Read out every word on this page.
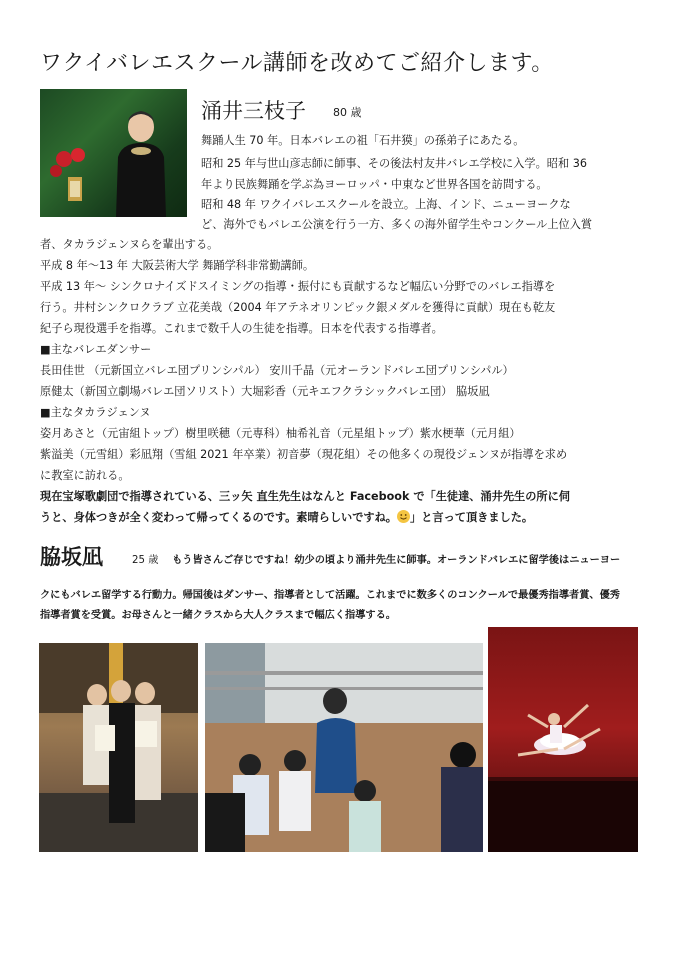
ワクイバレエスクール講師を改めてご紹介します。
涌井三枝子 80 歳
舞踊人生 70 年。日本バレエの祖「石井獏」の孫弟子にあたる。
昭和 25 年与世山彦志師に師事、その後法村友井バレエ学校に入学。昭和 36
年より民族舞踊を学ぶ為ヨーロッパ・中東など世界各国を訪問する。
昭和 48 年 ワクイバレエスクールを設立。上海、インド、ニューヨークな
ど、海外でもバレエ公演を行う一方、多くの海外留学生やコンクール上位入賞
者、タカラジェンヌらを輩出する。
平成 8 年～13 年 大阪芸術大学 舞踊学科非常勤講師。
平成 13 年～ シンクロナイズドスイミングの指導・振付にも貢献するなど幅広い分野でのバレエ指導を
行う。井村シンクロクラブ 立花美哉（2004 年アテネオリンピック銀メダルを獲得に貢献）現在も乾友
紀子ら現役選手を指導。これまで数千人の生徒を指導。日本を代表する指導者。
■主なバレエダンサー
長田佳世 （元新国立バレエ団プリンシパル） 安川千晶（元オーランドバレエ団プリンシパル）
原健太（新国立劇場バレエ団ソリスト）大堀彩香（元キエフクラシックバレエ団） 脇坂凪
■主なタカラジェンヌ
姿月あさと（元宙組トップ）樹里咲穂（元専科）柚希礼音（元星組トップ）紫水梗華（元月組）
紫溢美（元雪組）彩凪翔（雪組 2021 年卒業）初音夢（現花組）その他多くの現役ジェンヌが指導を求め
に教室に訪れる。
現在宝塚歌劇団で指導されている、三ッ矢 直生先生はなんと Facebook で「生徒達、涌井先生の所に伺
うと、身体つきが全く変わって帰ってくるのです。素晴らしいですね。 」と言って頂きました。
脇坂凪	25 歳　 もう皆さんご存じですね！幼少の頃より涌井先生に師事。オーランドバレエに留学後はニューヨー
クにもバレエ留学する行動力。帰国後はダンサー、指導者として活躍。これまでに数多くのコンクールで最優秀指導者賞、優秀
指導者賞を受賞。お母さんと一緒クラスから大人クラスまで幅広く指導する。
